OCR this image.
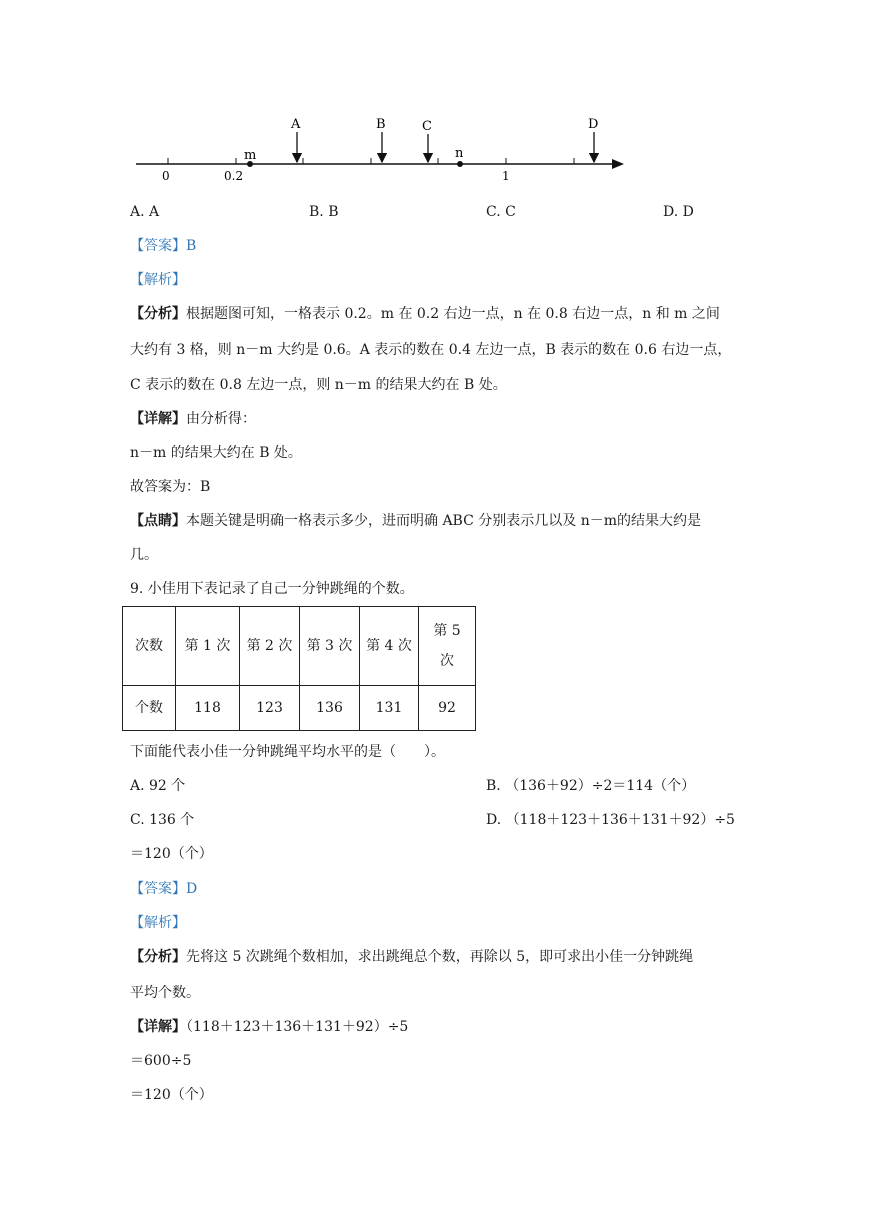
A	B	C	D
m	n
0	0.2	1
A. A	B. B	C. C	D. D
【答案】B
【解析】
【分析】根据题图可知，一格表示 0.2。m 在 0.2 右边一点，n 在 0.8 右边一点，n 和 m 之间
大约有 3 格，则 n－m 大约是 0.6。A 表示的数在 0.4 左边一点，B 表示的数在 0.6 右边一点，
C 表示的数在 0.8 左边一点，则 n－m 的结果大约在 B 处。
【详解】由分析得：
n－m 的结果大约在 B 处。
故答案为：B
【点睛】本题关键是明确一格表示多少，进而明确 ABC 分别表示几以及 n－m的结果大约是
几。
9. 小佳用下表记录了自己一分钟跳绳的个数。
次数	第 1 次	第 2 次	第 3 次	第 4 次	第 5
次
个数	118	123	136	131	92
下面能代表小佳一分钟跳绳平均水平的是（　　）。
A. 92 个	B. （136＋92）÷2＝114（个）
C. 136 个	D. （118＋123＋136＋131＋92）÷5
＝120（个）
【答案】D
【解析】
【分析】先将这 5 次跳绳个数相加，求出跳绳总个数，再除以 5，即可求出小佳一分钟跳绳
平均个数。
【详解】（118＋123＋136＋131＋92）÷5
＝600÷5
＝120（个）
